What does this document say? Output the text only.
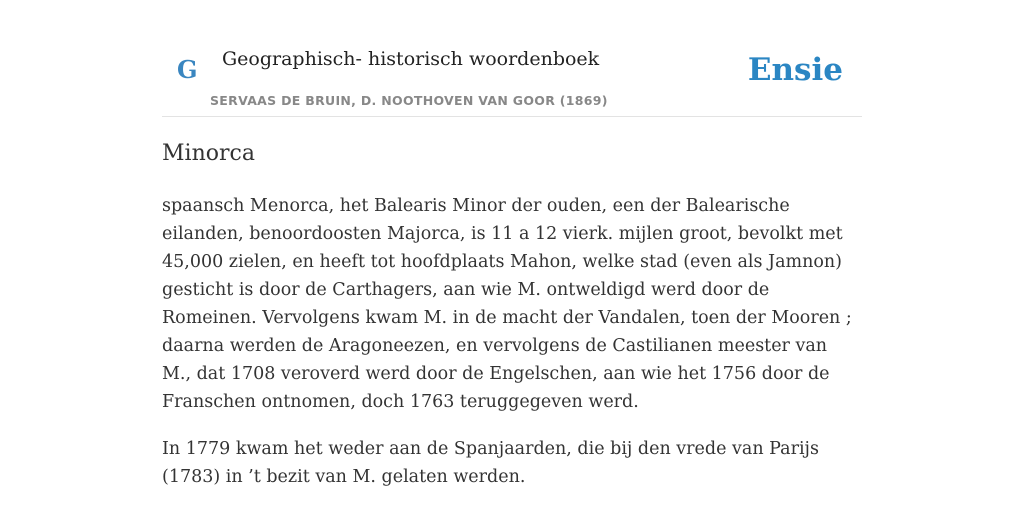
G Geographisch- historisch woordenboek
SERVAAS DE BRUIN, D. NOOTHOVEN VAN GOOR (1869)
Ensie
Minorca

spaansch Menorca, het Balearis Minor der ouden, een der Balearische eilanden, benoordoosten Majorca, is 11 a 12 vierk. mijlen groot, bevolkt met 45,000 zielen, en heeft tot hoofdplaats Mahon, welke stad (even als Jamnon) gesticht is door de Carthagers, aan wie M. ontweldigd werd door de Romeinen. Vervolgens kwam M. in de macht der Vandalen, toen der Mooren ; daarna werden de Aragoneezen, en vervolgens de Castilianen meester van M., dat 1708 veroverd werd door de Engelschen, aan wie het 1756 door de Franschen ontnomen, doch 1763 teruggegeven werd.

In 1779 kwam het weder aan de Spanjaarden, die bij den vrede van Parijs (1783) in ’t bezit van M. gelaten werden.
